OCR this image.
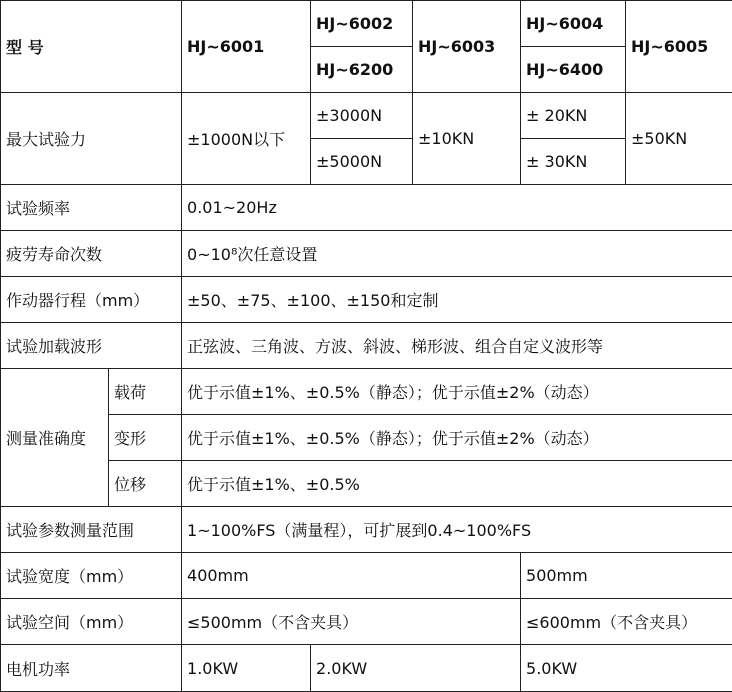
型 号		HJ~6001	HJ~6002	HJ~6003	HJ~6004	HJ~6005
			HJ~6200		HJ~6400	
最大试验力		±1000N以下	±3000N	±10KN	± 20KN	±50KN
			±5000N		± 30KN	
试验频率		0.01~20Hz				
疲劳寿命次数		0~10⁸次任意设置				
作动器行程（mm）		±50、±75、±100、±150和定制				
试验加载波形		正弦波、三角波、方波、斜波、梯形波、组合自定义波形等				
测量准确度	载荷	优于示值±1%、±0.5%（静态）；优于示值±2%（动态）				
	变形	优于示值±1%、±0.5%（静态）；优于示值±2%（动态）				
	位移	优于示值±1%、±0.5%				
试验参数测量范围		1~100%FS（满量程），可扩展到0.4~100%FS				
试验宽度（mm）		400mm			500mm	
试验空间（mm）		≤500mm（不含夹具）			≤600mm（不含夹具）	
电机功率		1.0KW	2.0KW		5.0KW	
